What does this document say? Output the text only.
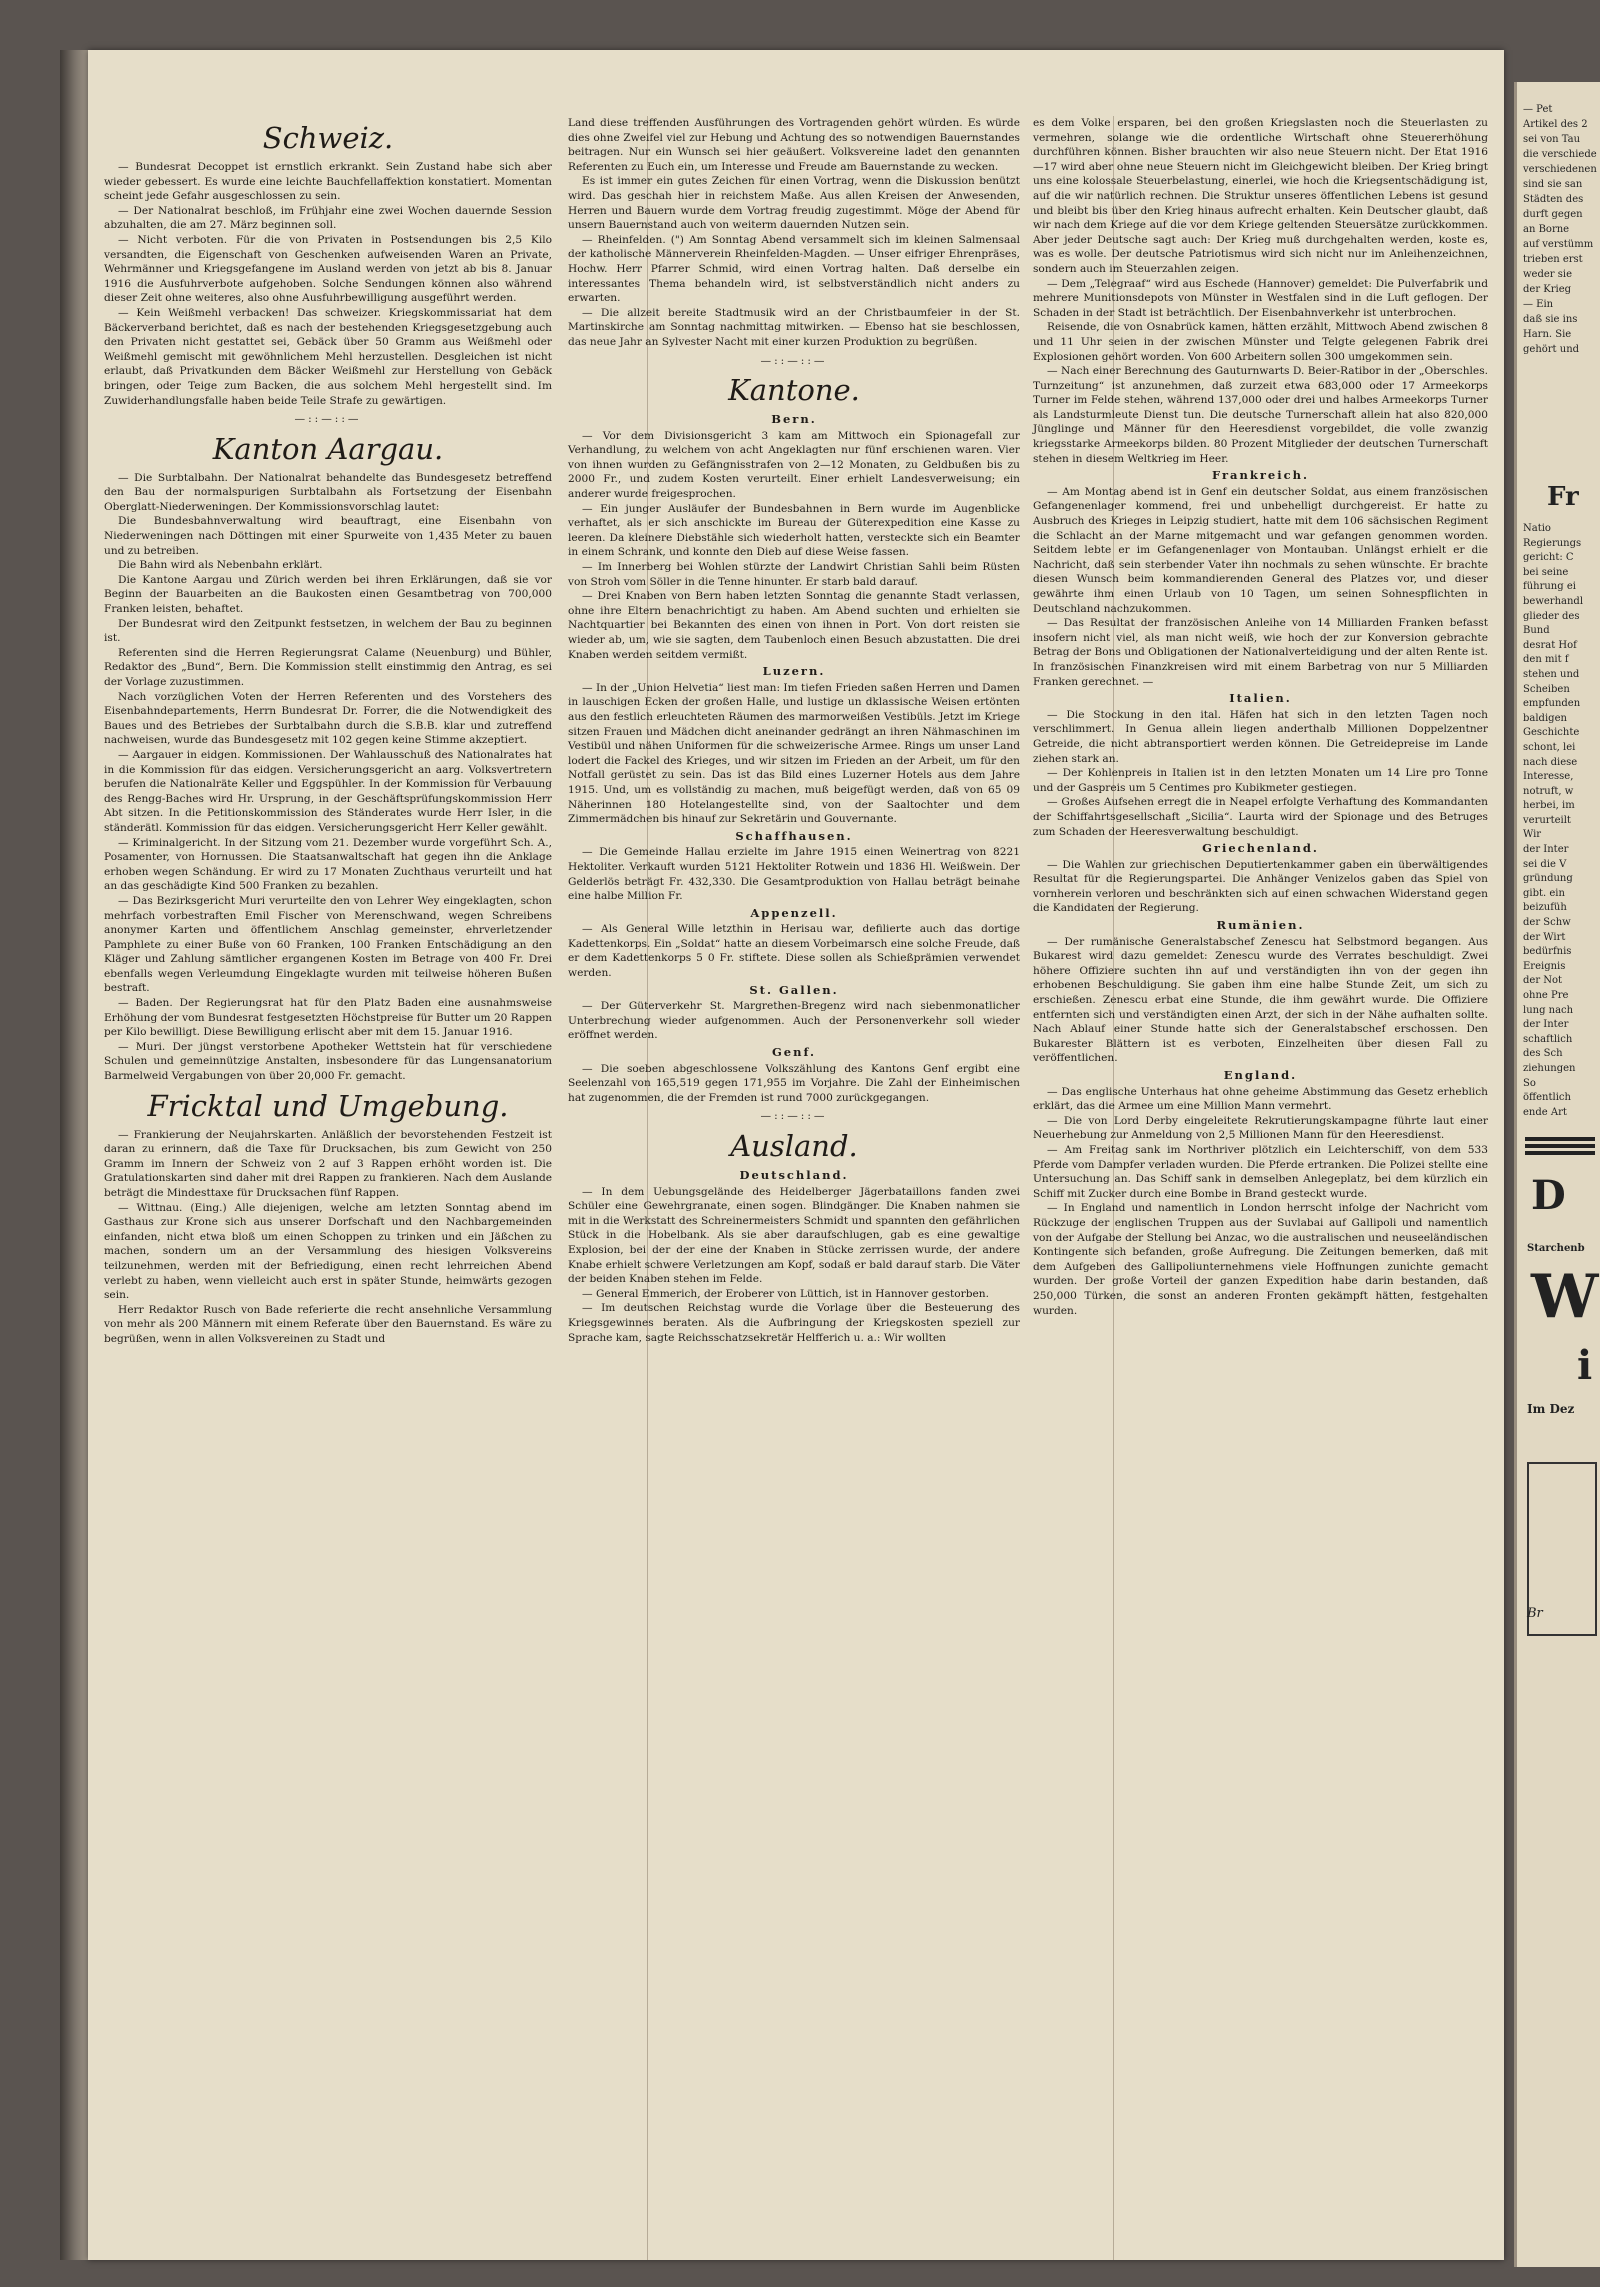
Schweiz.

— Bundesrat Decoppet ist ernstlich erkrankt. Sein Zustand habe sich aber wieder gebessert. Es wurde eine leichte Bauchfellaffektion konstatiert. Momentan scheint jede Gefahr ausgeschlossen zu sein.

— Der Nationalrat beschloß, im Frühjahr eine zwei Wochen dauernde Session abzuhalten, die am 27. März beginnen soll.

— Nicht verboten. Für die von Privaten in Postsendungen bis 2,5 Kilo versandten, die Eigenschaft von Geschenken aufweisenden Waren an Private, Wehrmänner und Kriegsgefangene im Ausland werden von jetzt ab bis 8. Januar 1916 die Ausfuhrverbote aufgehoben. Solche Sendungen können also während dieser Zeit ohne weiteres, also ohne Ausfuhrbewilligung ausgeführt werden.

— Kein Weißmehl verbacken! Das schweizer. Kriegskommissariat hat dem Bäckerverband berichtet, daß es nach der bestehenden Kriegsgesetzgebung auch den Privaten nicht gestattet sei, Gebäck über 50 Gramm aus Weißmehl oder Weißmehl gemischt mit gewöhnlichem Mehl herzustellen. Desgleichen ist nicht erlaubt, daß Privatkunden dem Bäcker Weißmehl zur Herstellung von Gebäck bringen, oder Teige zum Backen, die aus solchem Mehl hergestellt sind. Im Zuwiderhandlungsfalle haben beide Teile Strafe zu gewärtigen.

—::—::—
Kanton Aargau.

— Die Surbtalbahn. Der Nationalrat behandelte das Bundesgesetz betreffend den Bau der normalspurigen Surbtalbahn als Fortsetzung der Eisenbahn Oberglatt-Niederweningen. Der Kommissionsvorschlag lautet:

Die Bundesbahnverwaltung wird beauftragt, eine Eisenbahn von Niederweningen nach Döttingen mit einer Spurweite von 1,435 Meter zu bauen und zu betreiben.

Die Bahn wird als Nebenbahn erklärt.

Die Kantone Aargau und Zürich werden bei ihren Erklärungen, daß sie vor Beginn der Bauarbeiten an die Baukosten einen Gesamtbetrag von 700,000 Franken leisten, behaftet.

Der Bundesrat wird den Zeitpunkt festsetzen, in welchem der Bau zu beginnen ist.

Referenten sind die Herren Regierungsrat Calame (Neuenburg) und Bühler, Redaktor des „Bund“, Bern. Die Kommission stellt einstimmig den Antrag, es sei der Vorlage zuzustimmen.

Nach vorzüglichen Voten der Herren Referenten und des Vorstehers des Eisenbahndepartements, Herrn Bundesrat Dr. Forrer, die die Notwendigkeit des Baues und des Betriebes der Surbtalbahn durch die S.B.B. klar und zutreffend nachweisen, wurde das Bundesgesetz mit 102 gegen keine Stimme akzeptiert.

— Aargauer in eidgen. Kommissionen. Der Wahlausschuß des Nationalrates hat in die Kommission für das eidgen. Versicherungsgericht an aarg. Volksvertretern berufen die Nationalräte Keller und Eggspühler. In der Kommission für Verbauung des Rengg-Baches wird Hr. Ursprung, in der Geschäftsprüfungskommission Herr Abt sitzen. In die Petitionskommission des Ständerates wurde Herr Isler, in die ständerätl. Kommission für das eidgen. Versicherungsgericht Herr Keller gewählt.

— Kriminalgericht. In der Sitzung vom 21. Dezember wurde vorgeführt Sch. A., Posamenter, von Hornussen. Die Staatsanwaltschaft hat gegen ihn die Anklage erhoben wegen Schändung. Er wird zu 17 Monaten Zuchthaus verurteilt und hat an das geschädigte Kind 500 Franken zu bezahlen.

— Das Bezirksgericht Muri verurteilte den von Lehrer Wey eingeklagten, schon mehrfach vorbestraften Emil Fischer von Merenschwand, wegen Schreibens anonymer Karten und öffentlichem Anschlag gemeinster, ehrverletzender Pamphlete zu einer Buße von 60 Franken, 100 Franken Entschädigung an den Kläger und Zahlung sämtlicher ergangenen Kosten im Betrage von 400 Fr. Drei ebenfalls wegen Verleumdung Eingeklagte wurden mit teilweise höheren Bußen bestraft.

— Baden. Der Regierungsrat hat für den Platz Baden eine ausnahmsweise Erhöhung der vom Bundesrat festgesetzten Höchstpreise für Butter um 20 Rappen per Kilo bewilligt. Diese Bewilligung erlischt aber mit dem 15. Januar 1916.

— Muri. Der jüngst verstorbene Apotheker Wettstein hat für verschiedene Schulen und gemeinnützige Anstalten, insbesondere für das Lungensanatorium Barmelweid Vergabungen von über 20,000 Fr. gemacht.

Fricktal und Umgebung.

— Frankierung der Neujahrskarten. Anläßlich der bevorstehenden Festzeit ist daran zu erinnern, daß die Taxe für Drucksachen, bis zum Gewicht von 250 Gramm im Innern der Schweiz von 2 auf 3 Rappen erhöht worden ist. Die Gratulationskarten sind daher mit drei Rappen zu frankieren. Nach dem Auslande beträgt die Mindesttaxe für Drucksachen fünf Rappen.

— Wittnau. (Eing.) Alle diejenigen, welche am letzten Sonntag abend im Gasthaus zur Krone sich aus unserer Dorfschaft und den Nachbargemeinden einfanden, nicht etwa bloß um einen Schoppen zu trinken und ein Jäßchen zu machen, sondern um an der Versammlung des hiesigen Volksvereins teilzunehmen, werden mit der Befriedigung, einen recht lehrreichen Abend verlebt zu haben, wenn vielleicht auch erst in später Stunde, heimwärts gezogen sein.

Herr Redaktor Rusch von Bade referierte die recht ansehnliche Versammlung von mehr als 200 Männern mit einem Referate über den Bauernstand. Es wäre zu begrüßen, wenn in allen Volksvereinen zu Stadt und

Land diese treffenden Ausführungen des Vortragenden gehört würden. Es würde dies ohne Zweifel viel zur Hebung und Achtung des so notwendigen Bauernstandes beitragen. Nur ein Wunsch sei hier geäußert. Volksvereine ladet den genannten Referenten zu Euch ein, um Interesse und Freude am Bauernstande zu wecken.

Es ist immer ein gutes Zeichen für einen Vortrag, wenn die Diskussion benützt wird. Das geschah hier in reichstem Maße. Aus allen Kreisen der Anwesenden, Herren und Bauern wurde dem Vortrag freudig zugestimmt. Möge der Abend für unsern Bauernstand auch von weiterm dauernden Nutzen sein.

— Rheinfelden. (") Am Sonntag Abend versammelt sich im kleinen Salmensaal der katholische Männerverein Rheinfelden-Magden. — Unser eifriger Ehrenpräses, Hochw. Herr Pfarrer Schmid, wird einen Vortrag halten. Daß derselbe ein interessantes Thema behandeln wird, ist selbstverständlich nicht anders zu erwarten.

— Die allzeit bereite Stadtmusik wird an der Christbaumfeier in der St. Martinskirche am Sonntag nachmittag mitwirken. — Ebenso hat sie beschlossen, das neue Jahr an Sylvester Nacht mit einer kurzen Produktion zu begrüßen.

—::—::—
Kantone.
Bern.

— Vor dem Divisionsgericht 3 kam am Mittwoch ein Spionagefall zur Verhandlung, zu welchem von acht Angeklagten nur fünf erschienen waren. Vier von ihnen wurden zu Gefängnisstrafen von 2—12 Monaten, zu Geldbußen bis zu 2000 Fr., und zudem Kosten verurteilt. Einer erhielt Landesverweisung; ein anderer wurde freigesprochen.

— Ein junger Ausläufer der Bundesbahnen in Bern wurde im Augenblicke verhaftet, als er sich anschickte im Bureau der Güterexpedition eine Kasse zu leeren. Da kleinere Diebstähle sich wiederholt hatten, versteckte sich ein Beamter in einem Schrank, und konnte den Dieb auf diese Weise fassen.

— Im Innerberg bei Wohlen stürzte der Landwirt Christian Sahli beim Rüsten von Stroh vom Söller in die Tenne hinunter. Er starb bald darauf.

— Drei Knaben von Bern haben letzten Sonntag die genannte Stadt verlassen, ohne ihre Eltern benachrichtigt zu haben. Am Abend suchten und erhielten sie Nachtquartier bei Bekannten des einen von ihnen in Port. Von dort reisten sie wieder ab, um, wie sie sagten, dem Taubenloch einen Besuch abzustatten. Die drei Knaben werden seitdem vermißt.

Luzern.

— In der „Union Helvetia“ liest man: Im tiefen Frieden saßen Herren und Damen in lauschigen Ecken der großen Halle, und lustige un dklassische Weisen ertönten aus den festlich erleuchteten Räumen des marmorweißen Vestibüls. Jetzt im Kriege sitzen Frauen und Mädchen dicht aneinander gedrängt an ihren Nähmaschinen im Vestibül und nähen Uniformen für die schweizerische Armee. Rings um unser Land lodert die Fackel des Krieges, und wir sitzen im Frieden an der Arbeit, um für den Notfall gerüstet zu sein. Das ist das Bild eines Luzerner Hotels aus dem Jahre 1915. Und, um es vollständig zu machen, muß beigefügt werden, daß von 65 09 Näherinnen 180 Hotelangestellte sind, von der Saaltochter und dem Zimmermädchen bis hinauf zur Sekretärin und Gouvernante.

Schaffhausen.

— Die Gemeinde Hallau erzielte im Jahre 1915 einen Weinertrag von 8221 Hektoliter. Verkauft wurden 5121 Hektoliter Rotwein und 1836 Hl. Weißwein. Der Gelderlös beträgt Fr. 432,330. Die Gesamtproduktion von Hallau beträgt beinahe eine halbe Million Fr.

Appenzell.

— Als General Wille letzthin in Herisau war, defilierte auch das dortige Kadettenkorps. Ein „Soldat“ hatte an diesem Vorbeimarsch eine solche Freude, daß er dem Kadettenkorps 5 0 Fr. stiftete. Diese sollen als Schießprämien verwendet werden.

St. Gallen.

— Der Güterverkehr St. Margrethen-Bregenz wird nach siebenmonatlicher Unterbrechung wieder aufgenommen. Auch der Personenverkehr soll wieder eröffnet werden.

Genf.

— Die soeben abgeschlossene Volkszählung des Kantons Genf ergibt eine Seelenzahl von 165,519 gegen 171,955 im Vorjahre. Die Zahl der Einheimischen hat zugenommen, die der Fremden ist rund 7000 zurückgegangen.

—::—::—
Ausland.
Deutschland.

— In dem Uebungsgelände des Heidelberger Jägerbataillons fanden zwei Schüler eine Gewehrgranate, einen sogen. Blindgänger. Die Knaben nahmen sie mit in die Werkstatt des Schreinermeisters Schmidt und spannten den gefährlichen Stück in die Hobelbank. Als sie aber daraufschlugen, gab es eine gewaltige Explosion, bei der der eine der Knaben in Stücke zerrissen wurde, der andere Knabe erhielt schwere Verletzungen am Kopf, sodaß er bald darauf starb. Die Väter der beiden Knaben stehen im Felde.

— General Emmerich, der Eroberer von Lüttich, ist in Hannover gestorben.

— Im deutschen Reichstag wurde die Vorlage über die Besteuerung des Kriegsgewinnes beraten. Als die Aufbringung der Kriegskosten speziell zur Sprache kam, sagte Reichsschatzsekretär Helfferich u. a.: Wir wollten

es dem Volke ersparen, bei den großen Kriegslasten noch die Steuerlasten zu vermehren, solange wie die ordentliche Wirtschaft ohne Steuererhöhung durchführen können. Bisher brauchten wir also neue Steuern nicht. Der Etat 1916—17 wird aber ohne neue Steuern nicht im Gleichgewicht bleiben. Der Krieg bringt uns eine kolossale Steuerbelastung, einerlei, wie hoch die Kriegsentschädigung ist, auf die wir natürlich rechnen. Die Struktur unseres öffentlichen Lebens ist gesund und bleibt bis über den Krieg hinaus aufrecht erhalten. Kein Deutscher glaubt, daß wir nach dem Kriege auf die vor dem Kriege geltenden Steuersätze zurückkommen. Aber jeder Deutsche sagt auch: Der Krieg muß durchgehalten werden, koste es, was es wolle. Der deutsche Patriotismus wird sich nicht nur im Anleihenzeichnen, sondern auch im Steuerzahlen zeigen.

— Dem „Telegraaf“ wird aus Eschede (Hannover) gemeldet: Die Pulverfabrik und mehrere Munitionsdepots von Münster in Westfalen sind in die Luft geflogen. Der Schaden in der Stadt ist beträchtlich. Der Eisenbahnverkehr ist unterbrochen.

Reisende, die von Osnabrück kamen, hätten erzählt, Mittwoch Abend zwischen 8 und 11 Uhr seien in der zwischen Münster und Telgte gelegenen Fabrik drei Explosionen gehört worden. Von 600 Arbeitern sollen 300 umgekommen sein.

— Nach einer Berechnung des Gauturnwarts D. Beier-Ratibor in der „Oberschles. Turnzeitung“ ist anzunehmen, daß zurzeit etwa 683,000 oder 17 Armeekorps Turner im Felde stehen, während 137,000 oder drei und halbes Armeekorps Turner als Landsturmleute Dienst tun. Die deutsche Turnerschaft allein hat also 820,000 Jünglinge und Männer für den Heeresdienst vorgebildet, die volle zwanzig kriegsstarke Armeekorps bilden. 80 Prozent Mitglieder der deutschen Turnerschaft stehen in diesem Weltkrieg im Heer.

Frankreich.

— Am Montag abend ist in Genf ein deutscher Soldat, aus einem französischen Gefangenenlager kommend, frei und unbehelligt durchgereist. Er hatte zu Ausbruch des Krieges in Leipzig studiert, hatte mit dem 106 sächsischen Regiment die Schlacht an der Marne mitgemacht und war gefangen genommen worden. Seitdem lebte er im Gefangenenlager von Montauban. Unlängst erhielt er die Nachricht, daß sein sterbender Vater ihn nochmals zu sehen wünschte. Er brachte diesen Wunsch beim kommandierenden General des Platzes vor, und dieser gewährte ihm einen Urlaub von 10 Tagen, um seinen Sohnespflichten in Deutschland nachzukommen.

— Das Resultat der französischen Anleihe von 14 Milliarden Franken befasst insofern nicht viel, als man nicht weiß, wie hoch der zur Konversion gebrachte Betrag der Bons und Obligationen der Nationalverteidigung und der alten Rente ist. In französischen Finanzkreisen wird mit einem Barbetrag von nur 5 Milliarden Franken gerechnet. —

Italien.

— Die Stockung in den ital. Häfen hat sich in den letzten Tagen noch verschlimmert. In Genua allein liegen anderthalb Millionen Doppelzentner Getreide, die nicht abtransportiert werden können. Die Getreidepreise im Lande ziehen stark an.

— Der Kohlenpreis in Italien ist in den letzten Monaten um 14 Lire pro Tonne und der Gaspreis um 5 Centimes pro Kubikmeter gestiegen.

— Großes Aufsehen erregt die in Neapel erfolgte Verhaftung des Kommandanten der Schiffahrtsgesellschaft „Sicilia“. Laurta wird der Spionage und des Betruges zum Schaden der Heeresverwaltung beschuldigt.

Griechenland.

— Die Wahlen zur griechischen Deputiertenkammer gaben ein überwältigendes Resultat für die Regierungspartei. Die Anhänger Venizelos gaben das Spiel von vornherein verloren und beschränkten sich auf einen schwachen Widerstand gegen die Kandidaten der Regierung.

Rumänien.

— Der rumänische Generalstabschef Zenescu hat Selbstmord begangen. Aus Bukarest wird dazu gemeldet: Zenescu wurde des Verrates beschuldigt. Zwei höhere Offiziere suchten ihn auf und verständigten ihn von der gegen ihn erhobenen Beschuldigung. Sie gaben ihm eine halbe Stunde Zeit, um sich zu erschießen. Zenescu erbat eine Stunde, die ihm gewährt wurde. Die Offiziere entfernten sich und verständigten einen Arzt, der sich in der Nähe aufhalten sollte. Nach Ablauf einer Stunde hatte sich der Generalstabschef erschossen. Den Bukarester Blättern ist es verboten, Einzelheiten über diesen Fall zu veröffentlichen.

England.

— Das englische Unterhaus hat ohne geheime Abstimmung das Gesetz erheblich erklärt, das die Armee um eine Million Mann vermehrt.

— Die von Lord Derby eingeleitete Rekrutierungskampagne führte laut einer Neuerhebung zur Anmeldung von 2,5 Millionen Mann für den Heeresdienst.

— Am Freitag sank im Northriver plötzlich ein Leichterschiff, von dem 533 Pferde vom Dampfer verladen wurden. Die Pferde ertranken. Die Polizei stellte eine Untersuchung an. Das Schiff sank in demselben Anlegeplatz, bei dem kürzlich ein Schiff mit Zucker durch eine Bombe in Brand gesteckt wurde.

— In England und namentlich in London herrscht infolge der Nachricht vom Rückzuge der englischen Truppen aus der Suvlabai auf Gallipoli und namentlich von der Aufgabe der Stellung bei Anzac, wo die australischen und neuseeländischen Kontingente sich befanden, große Aufregung. Die Zeitungen bemerken, daß mit dem Aufgeben des Gallipoliunternehmens viele Hoffnungen zunichte gemacht wurden. Der große Vorteil der ganzen Expedition habe darin bestanden, daß 250,000 Türken, die sonst an anderen Fronten gekämpft hätten, festgehalten wurden.

— Pet
Artikel des 2
sei von Tau
die verschiede
verschiedenen
sind sie san
Städten des
durft gegen
an Borne
auf verstümm
trieben erst
weder sie
der Krieg
— Ein
daß sie ins
Harn. Sie
gehört und
Fr
Natio
Regierungs
gericht: C
bei seine
führung ei
bewerhandl
glieder des
Bund
desrat Hof
den mit f
stehen und
Scheiben
empfunden
baldigen
Geschichte
schont, lei
nach diese
Interesse,
notruft, w
herbei, im
verurteilt
Wir
der Inter
sei die V
gründung
gibt. ein
beizufüh
der Schw
der Wirt
bedürfnis
Ereignis
der Not
ohne Pre
lung nach
der Inter
schaftlich
des Sch
ziehungen
So
öffentlich
ende Art
D
Starchenb
W
i
Im Dez
Br
